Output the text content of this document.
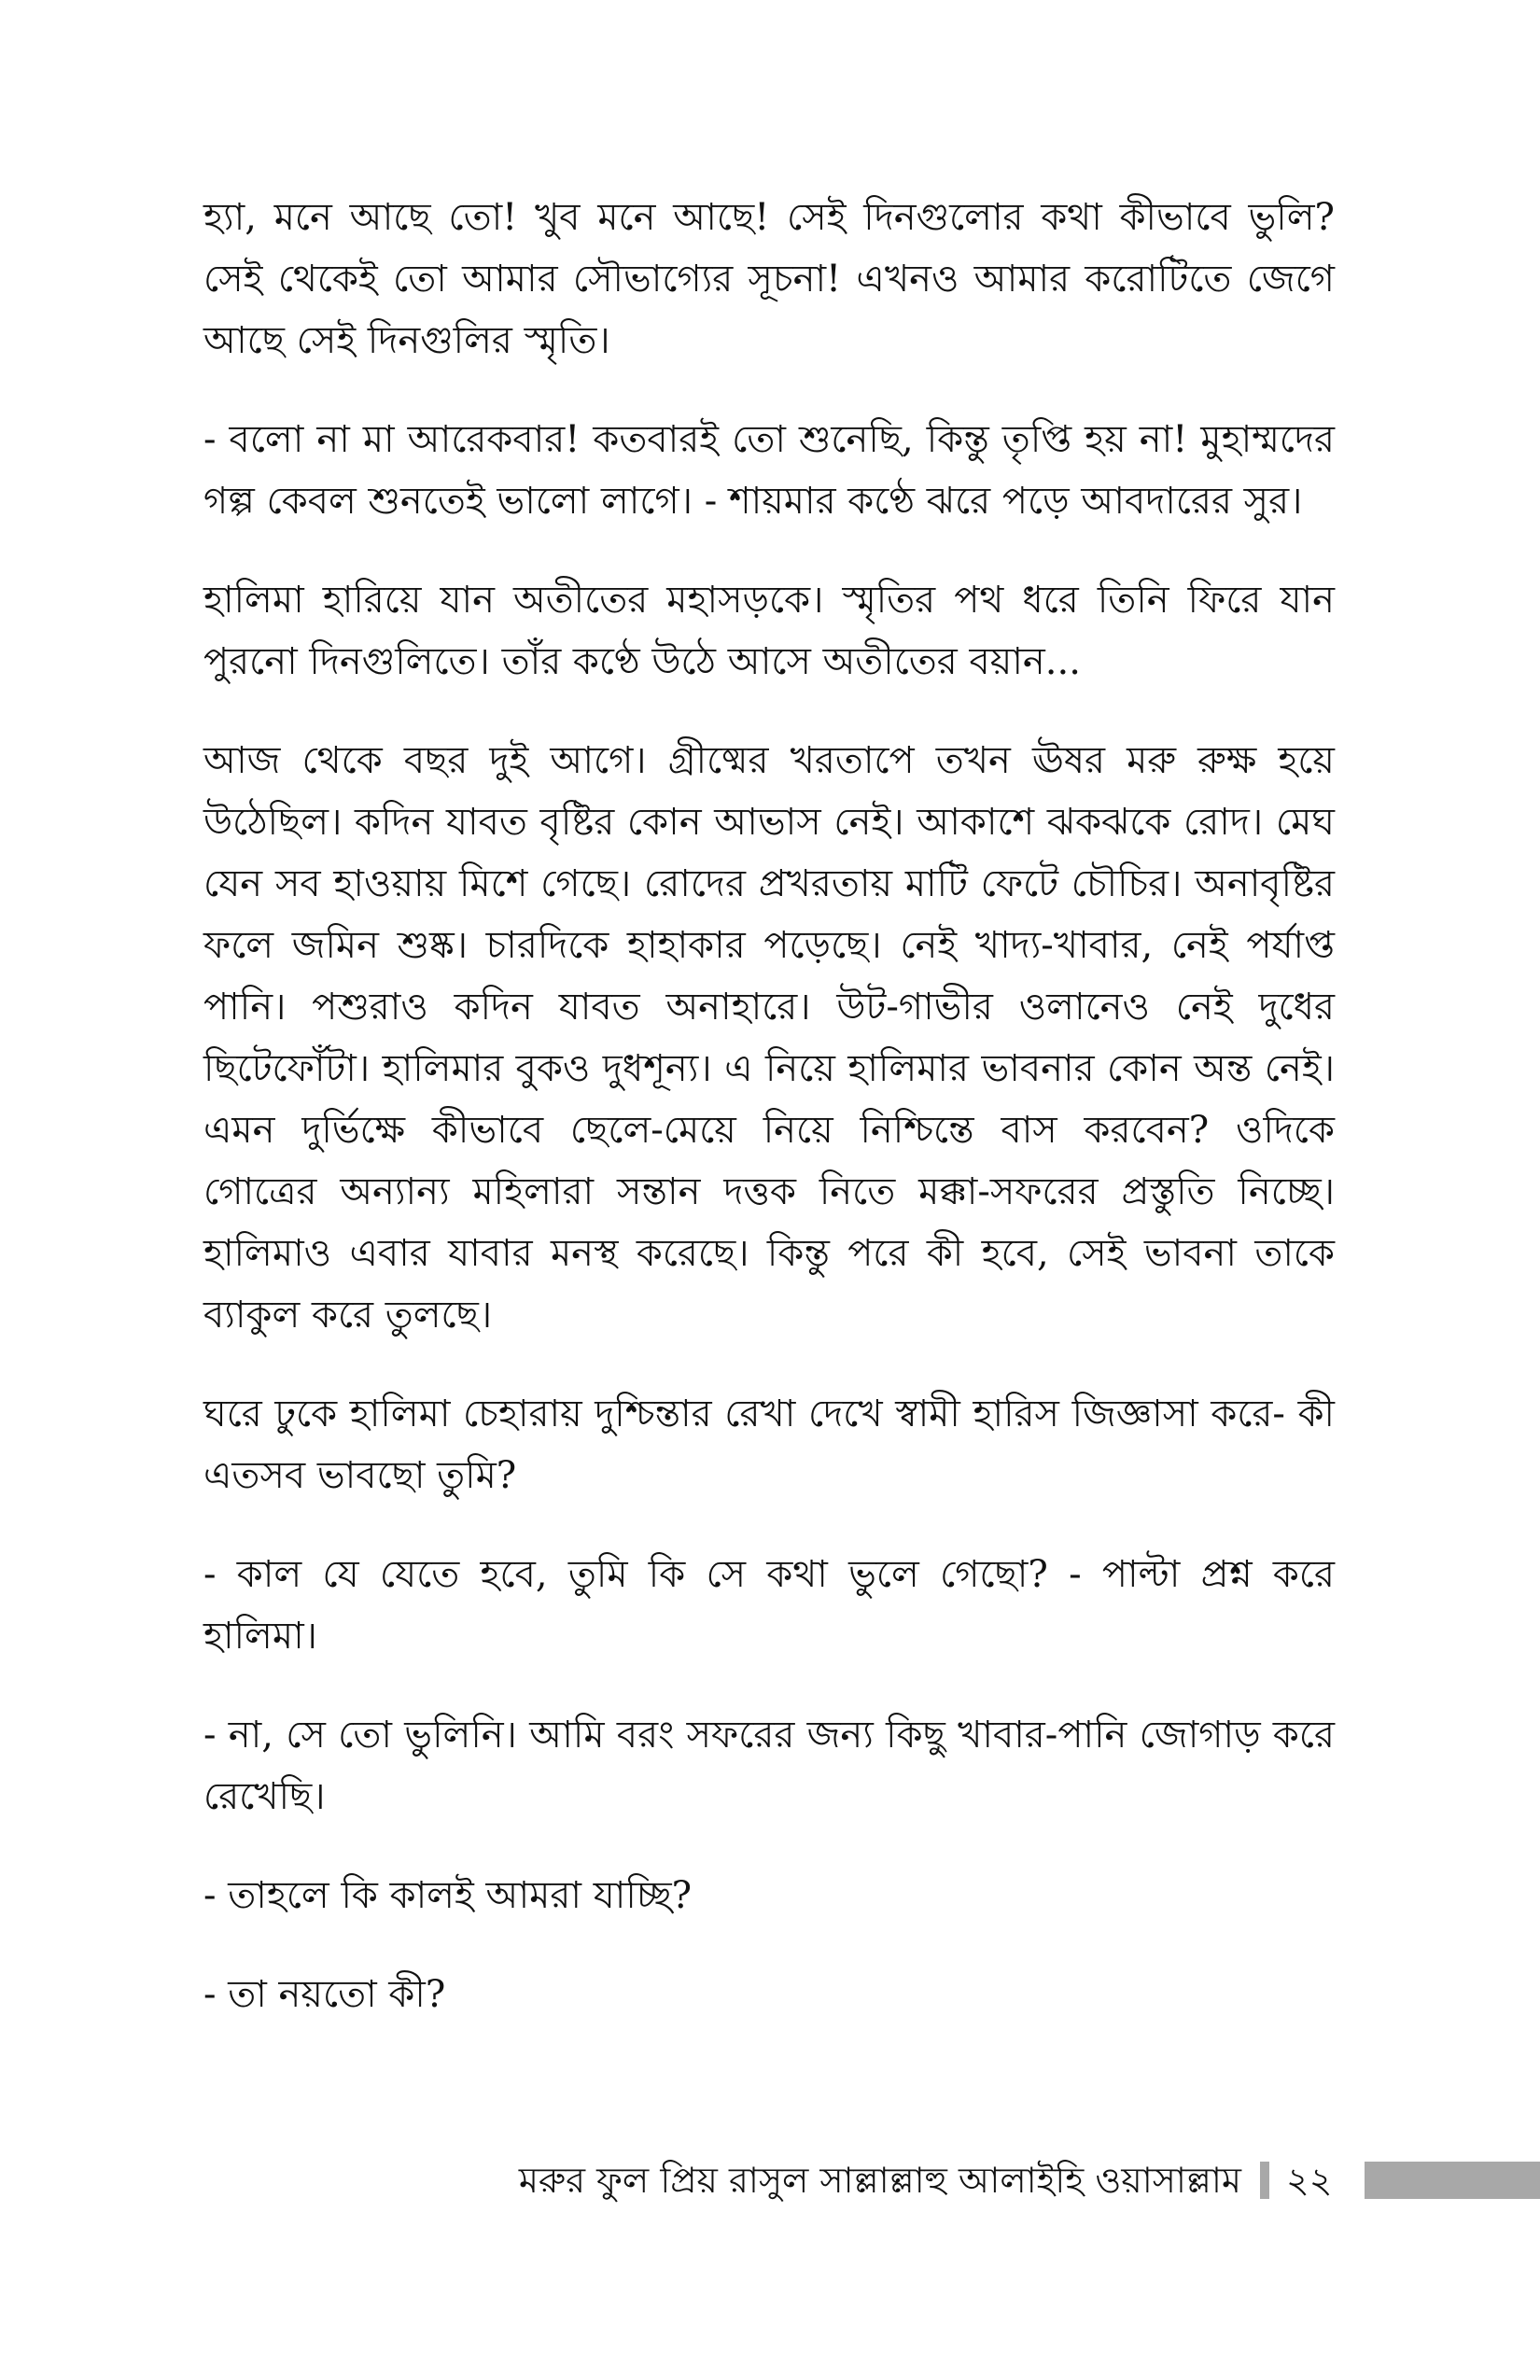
হ্যা, মনে আছে তো! খুব মনে আছে! সেই দিনগুলোর কথা কীভাবে ভুলি? সেই থেকেই তো আমার সৌভাগ্যের সূচনা! এখনও আমার করোটিতে জেগে আছে সেই দিনগুলির স্মৃতি।

- বলো না মা আরেকবার! কতবারই তো শুনেছি, কিন্তু তৃপ্তি হয় না! মুহাম্মদের গল্প কেবল শুনতেই ভালো লাগে। - শায়মার কণ্ঠে ঝরে পড়ে আবদারের সুর।

হালিমা হারিয়ে যান অতীতের মহাসড়কে। স্মৃতির পথ ধরে তিনি ফিরে যান পুরনো দিনগুলিতে। তাঁর কণ্ঠে উঠে আসে অতীতের বয়ান...

আজ থেকে বছর দুই আগে। গ্রীষ্মের খরতাপে তখন ঊষর মরু রুক্ষ হয়ে উঠেছিল। কদিন যাবত বৃষ্টির কোন আভাস নেই। আকাশে ঝকঝকে রোদ। মেঘ যেন সব হাওয়ায় মিশে গেছে। রোদের প্রখরতায় মাটি ফেটে চৌচির। অনাবৃষ্টির ফলে জমিন শুষ্ক। চারদিকে হাহাকার পড়েছে। নেই খাদ্য-খাবার, নেই পর্যাপ্ত পানি। পশুরাও কদিন যাবত অনাহারে। উট-গাভীর ওলানেও নেই দুধের ছিটেফোঁটা। হালিমার বুকও দুধশূন্য। এ নিয়ে হালিমার ভাবনার কোন অন্ত নেই। এমন দুর্ভিক্ষে কীভাবে ছেলে-মেয়ে নিয়ে নিশ্চিন্তে বাস করবেন? ওদিকে গোত্রের অন্যান্য মহিলারা সন্তান দত্তক নিতে মক্কা-সফরের প্রস্তুতি নিচ্ছে। হালিমাও এবার যাবার মনস্থ করেছে। কিন্তু পরে কী হবে, সেই ভাবনা তাকে ব্যাকুল করে তুলছে।

ঘরে ঢুকে হালিমা চেহারায় দুশ্চিন্তার রেখা দেখে স্বামী হারিস জিজ্ঞাসা করে- কী এতসব ভাবছো তুমি?

- কাল যে যেতে হবে, তুমি কি সে কথা ভুলে গেছো? - পাল্টা প্রশ্ন করে হালিমা।

- না, সে তো ভুলিনি। আমি বরং সফরের জন্য কিছু খাবার-পানি জোগাড় করে রেখেছি।

- তাহলে কি কালই আমরা যাচ্ছি?

- তা নয়তো কী?

মরুর ফুল প্রিয় রাসুল সাল্লাল্লাহু আলাইহি ওয়াসাল্লাম ২২
